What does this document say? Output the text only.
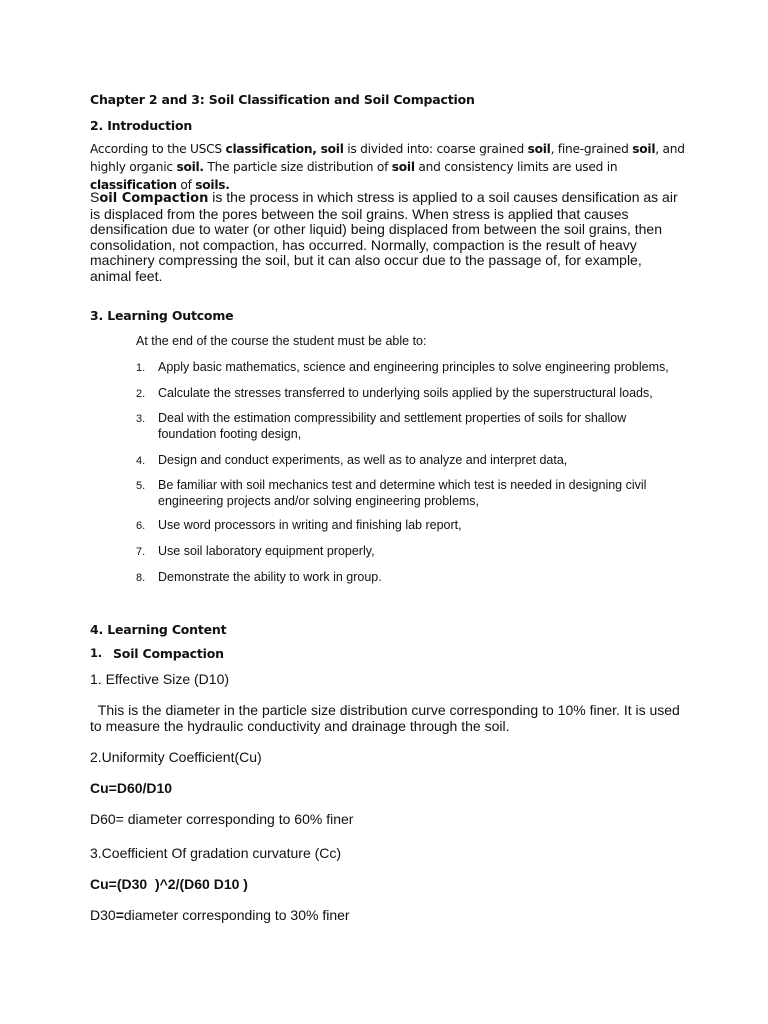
Chapter 2 and 3: Soil Classification and Soil Compaction
2. Introduction
According to the USCS classification, soil is divided into: coarse grained soil, fine-grained soil, and highly organic soil. The particle size distribution of soil and consistency limits are used in classification of soils.
Soil Compaction is the process in which stress is applied to a soil causes densification as air is displaced from the pores between the soil grains. When stress is applied that causes densification due to water (or other liquid) being displaced from between the soil grains, then consolidation, not compaction, has occurred. Normally, compaction is the result of heavy machinery compressing the soil, but it can also occur due to the passage of, for example, animal feet.
3. Learning Outcome
At the end of the course the student must be able to:
1. Apply basic mathematics, science and engineering principles to solve engineering problems,
2. Calculate the stresses transferred to underlying soils applied by the superstructural loads,
3. Deal with the estimation compressibility and settlement properties of soils for shallow foundation footing design,
4. Design and conduct experiments, as well as to analyze and interpret data,
5. Be familiar with soil mechanics test and determine which test is needed in designing civil engineering projects and/or solving engineering problems,
6. Use word processors in writing and finishing lab report,
7. Use soil laboratory equipment properly,
8. Demonstrate the ability to work in group.
4. Learning Content
1. Soil Compaction
1. Effective Size (D10)
This is the diameter in the particle size distribution curve corresponding to 10% finer. It is used to measure the hydraulic conductivity and drainage through the soil.
2.Uniformity Coefficient(Cu)
Cu=D60/D10
D60= diameter corresponding to 60% finer
3.Coefficient Of gradation curvature (Cc)
Cu=(D30  )^2/(D60 D10 )
D30=diameter corresponding to 30% finer
